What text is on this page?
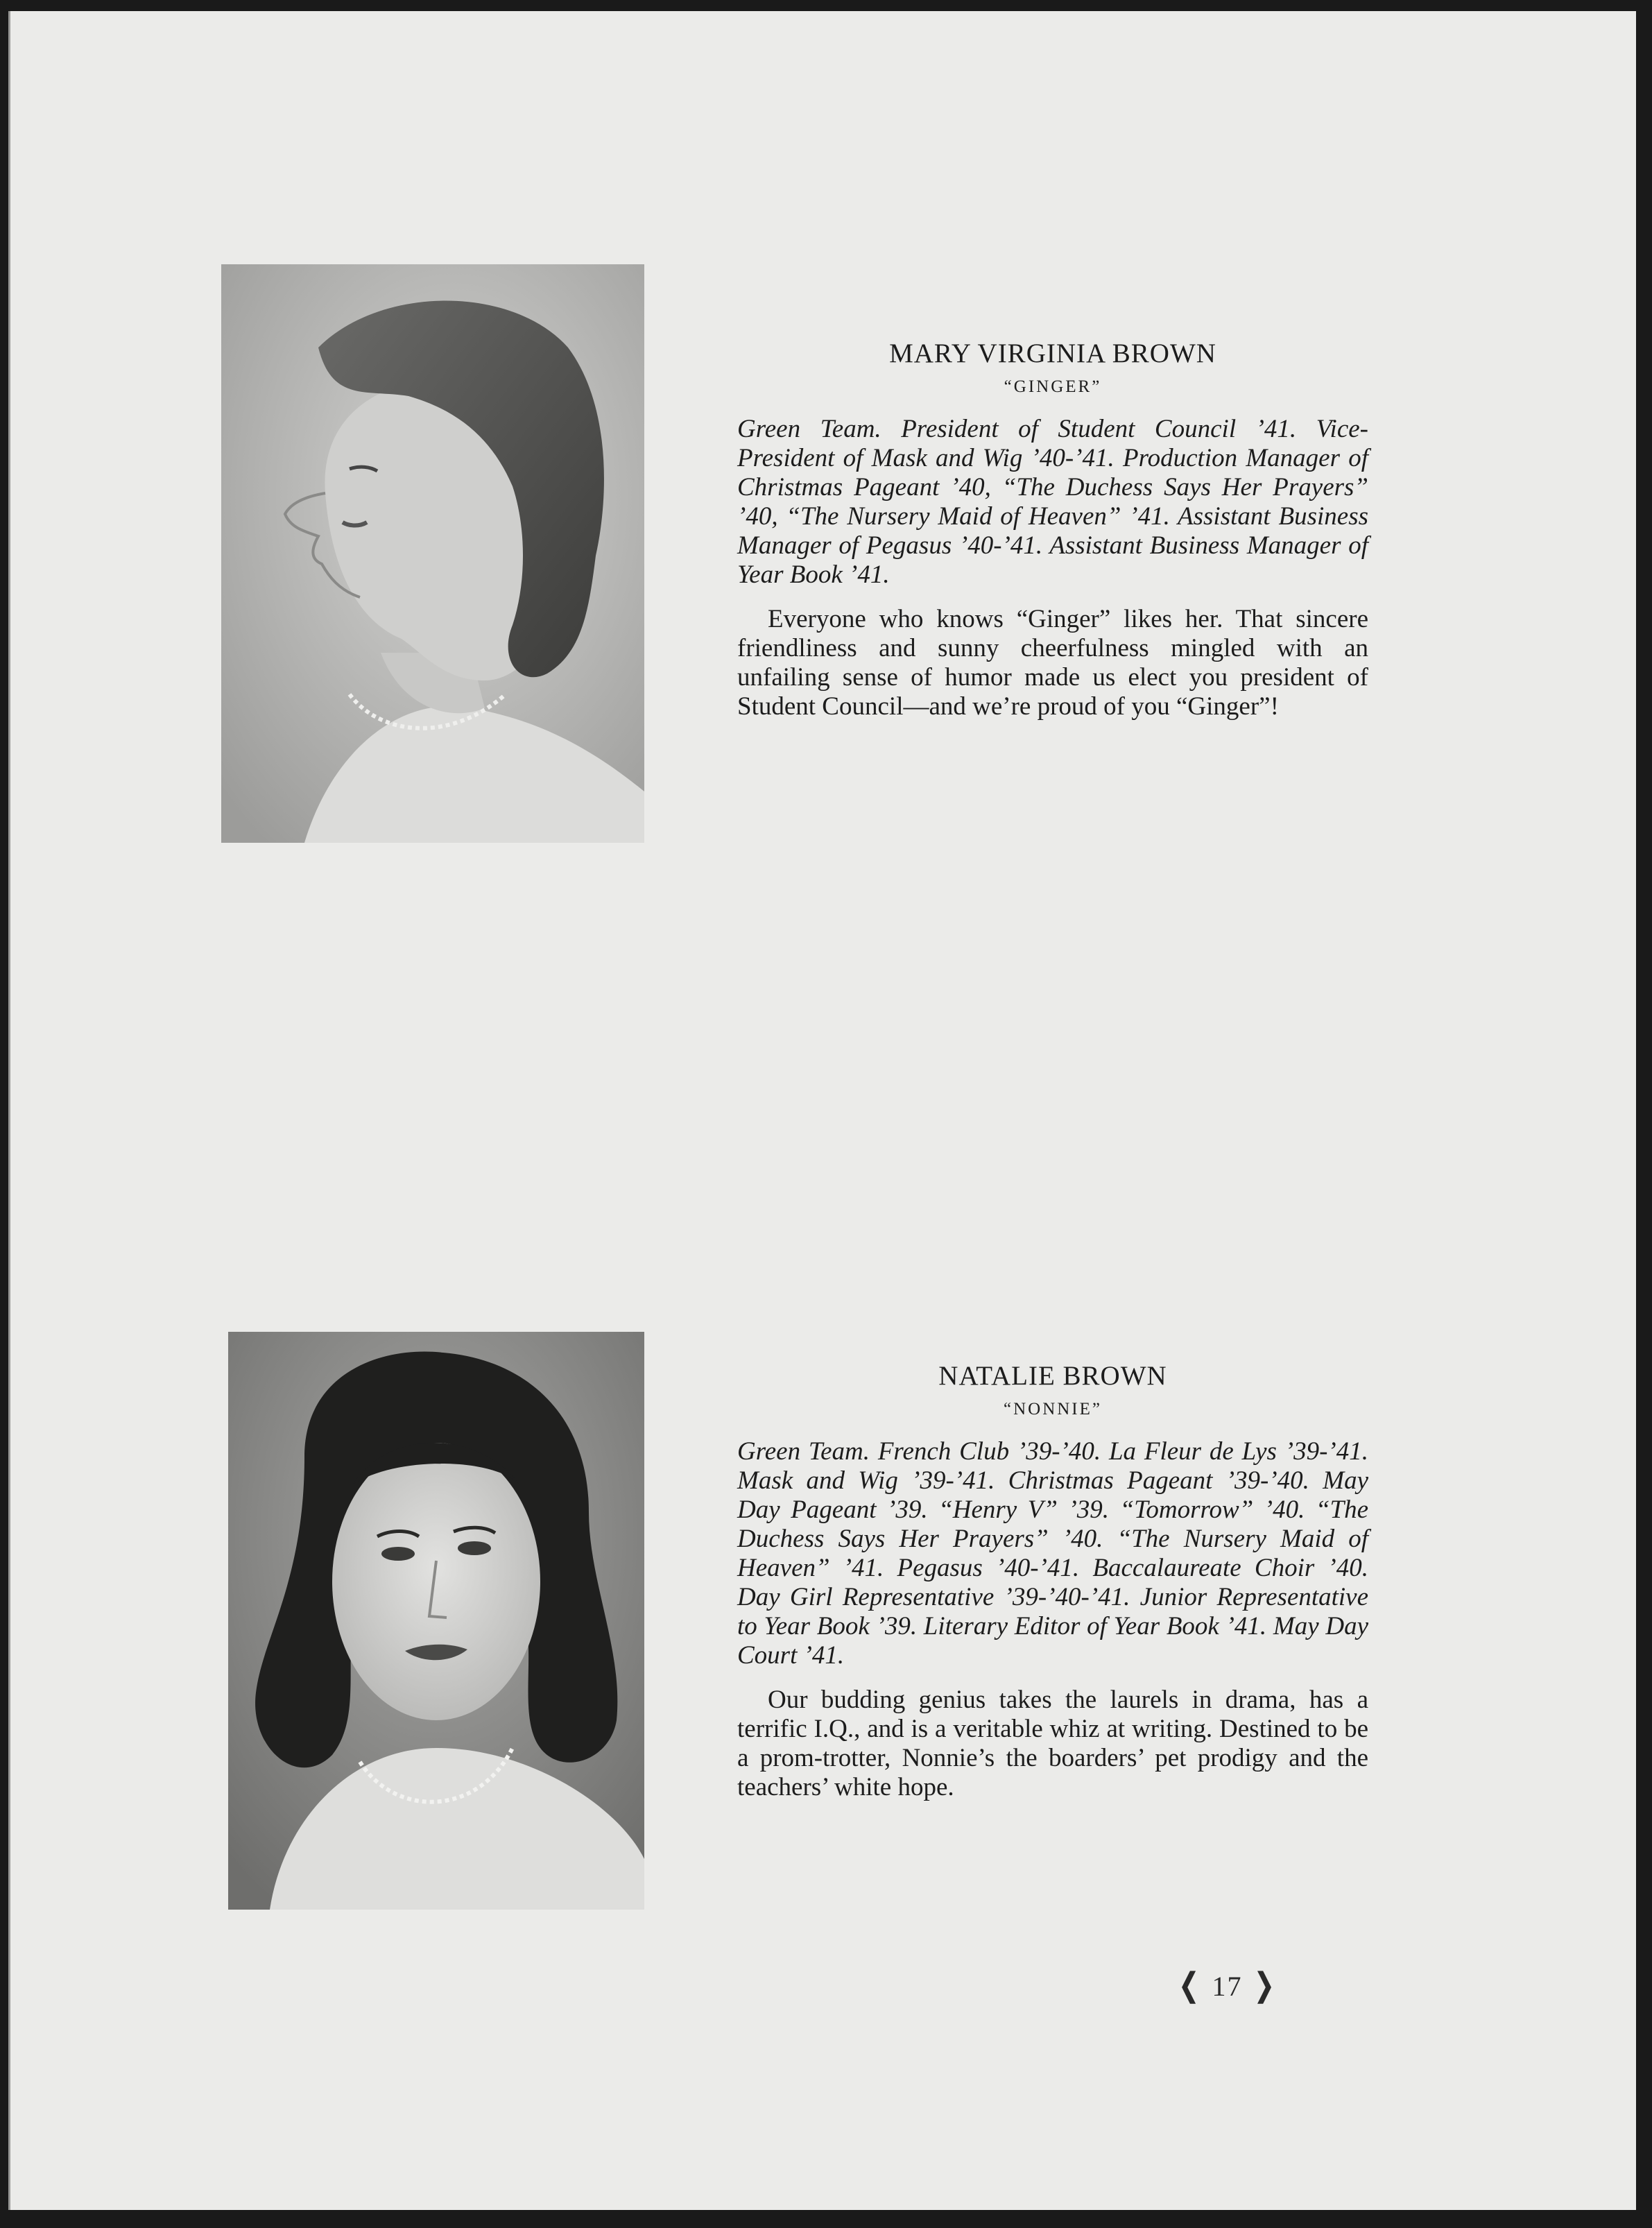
MARY VIRGINIA BROWN

“GINGER”

Green Team. President of Student Council ’41. Vice-President of Mask and Wig ’40-’41. Production Manager of Christmas Pageant ’40, “The Duchess Says Her Prayers” ’40, “The Nursery Maid of Heaven” ’41. Assistant Business Manager of Pegasus ’40-’41. Assistant Business Manager of Year Book ’41.

Everyone who knows “Ginger” likes her. That sincere friendliness and sunny cheerfulness mingled with an unfailing sense of humor made us elect you president of Student Council—and we’re proud of you “Ginger”!

NATALIE BROWN

“NONNIE”

Green Team. French Club ’39-’40. La Fleur de Lys ’39-’41. Mask and Wig ’39-’41. Christmas Pageant ’39-’40. May Day Pageant ’39. “Henry V” ’39. “Tomorrow” ’40. “The Duchess Says Her Prayers” ’40. “The Nursery Maid of Heaven” ’41. Pegasus ’40-’41. Baccalaureate Choir ’40. Day Girl Representative ’39-’40-’41. Junior Representative to Year Book ’39. Literary Editor of Year Book ’41. May Day Court ’41.

Our budding genius takes the laurels in drama, has a terrific I.Q., and is a veritable whiz at writing. Destined to be a prom-trotter, Nonnie’s the boarders’ pet prodigy and the teachers’ white hope.

❬ 17 ❭
